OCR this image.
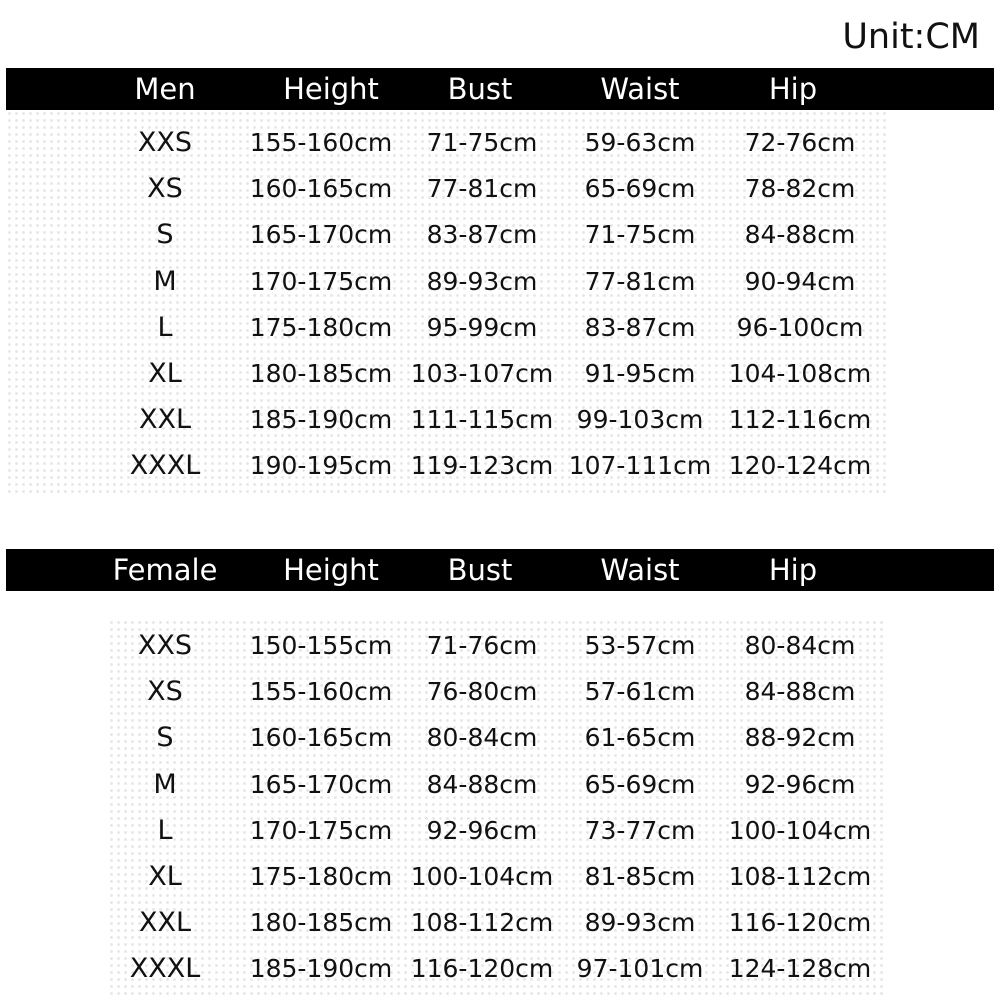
Unit:CM
Men	Height Bust	Waist	Hip
XXS 155-160cm 71-75cm 59-63cm 72-76cm
XS	160-165cm 77-81cm 65-69cm 78-82cm
S	165-170cm 83-87cm 71-75cm 84-88cm
M	170-175cm 89-93cm 77-81cm 90-94cm
L	175-180cm 95-99cm 83-87cm 96-100cm
XL	180-185cm 103-107cm 91-95cm 104-108cm
XXL 185-190cm 111-115cm 99-103cm 112-116cm
XXXL 190-195cm 119-123cm 107-111cm 120-124cm
Female Height Bust	Waist	Hip
XXS 150-155cm 71-76cm 53-57cm 80-84cm
XS	155-160cm 76-80cm 57-61cm 84-88cm
S	160-165cm 80-84cm 61-65cm 88-92cm
M	165-170cm 84-88cm 65-69cm 92-96cm
L	170-175cm 92-96cm 73-77cm 100-104cm
XL	175-180cm 100-104cm 81-85cm 108-112cm
XXL 180-185cm 108-112cm 89-93cm 116-120cm
XXXL 185-190cm 116-120cm 97-101cm 124-128cm
